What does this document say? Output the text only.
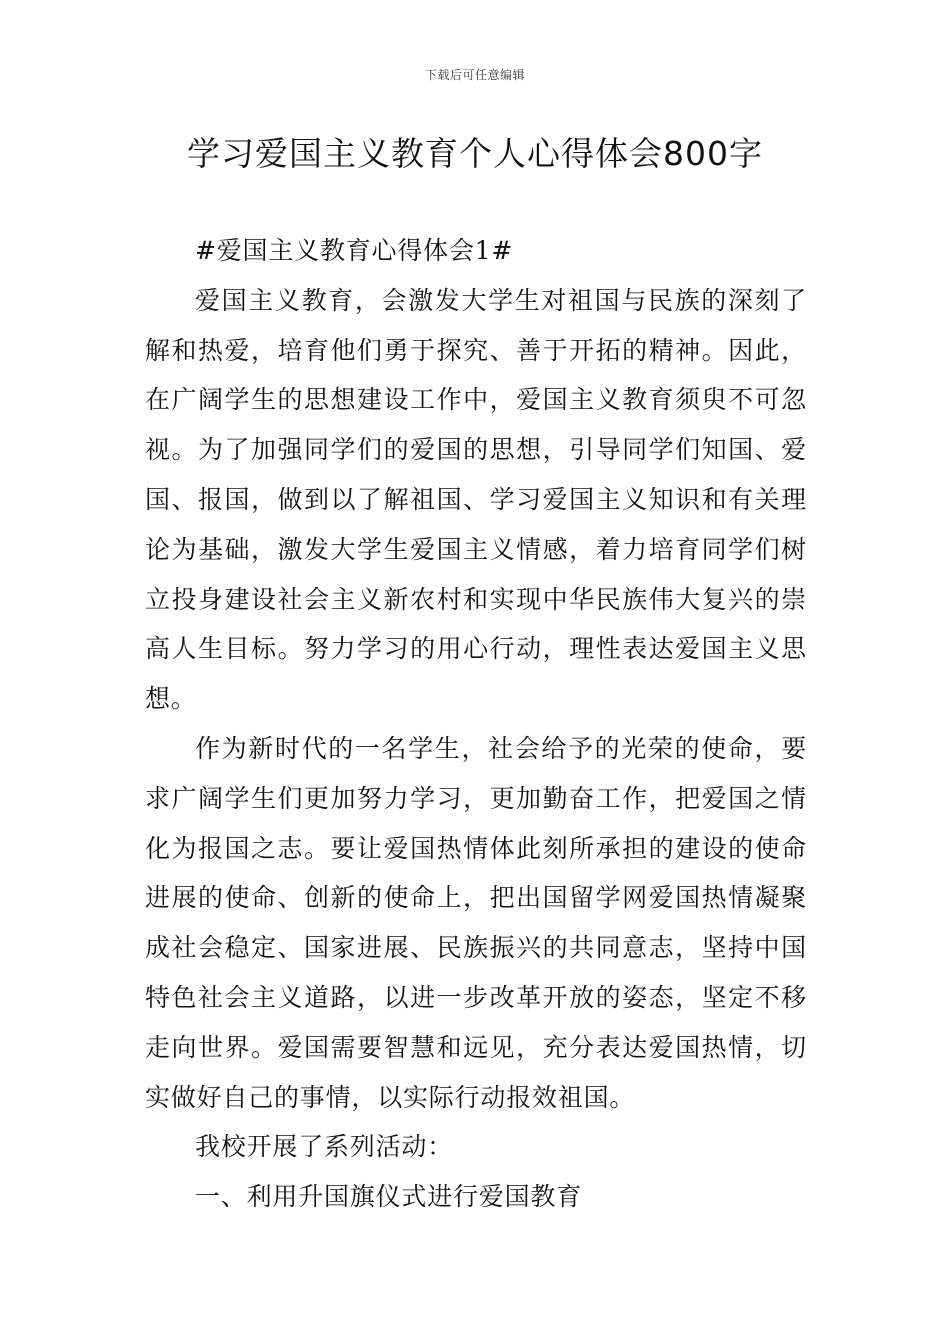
下载后可任意编辑
学习爱国主义教育个人心得体会800字

#爱国主义教育心得体会1#

爱国主义教育，会激发大学生对祖国与民族的深刻了解和热爱，培育他们勇于探究、善于开拓的精神。因此，在广阔学生的思想建设工作中，爱国主义教育须臾不可忽视。为了加强同学们的爱国的思想，引导同学们知国、爱国、报国，做到以了解祖国、学习爱国主义知识和有关理论为基础，激发大学生爱国主义情感，着力培育同学们树立投身建设社会主义新农村和实现中华民族伟大复兴的崇高人生目标。努力学习的用心行动，理性表达爱国主义思想。

作为新时代的一名学生，社会给予的光荣的使命，要求广阔学生们更加努力学习，更加勤奋工作，把爱国之情化为报国之志。要让爱国热情体此刻所承担的建设的使命进展的使命、创新的使命上，把出国留学网爱国热情凝聚成社会稳定、国家进展、民族振兴的共同意志，坚持中国特色社会主义道路，以进一步改革开放的姿态，坚定不移走向世界。爱国需要智慧和远见，充分表达爱国热情，切实做好自己的事情，以实际行动报效祖国。

我校开展了系列活动：

一、利用升国旗仪式进行爱国教育
